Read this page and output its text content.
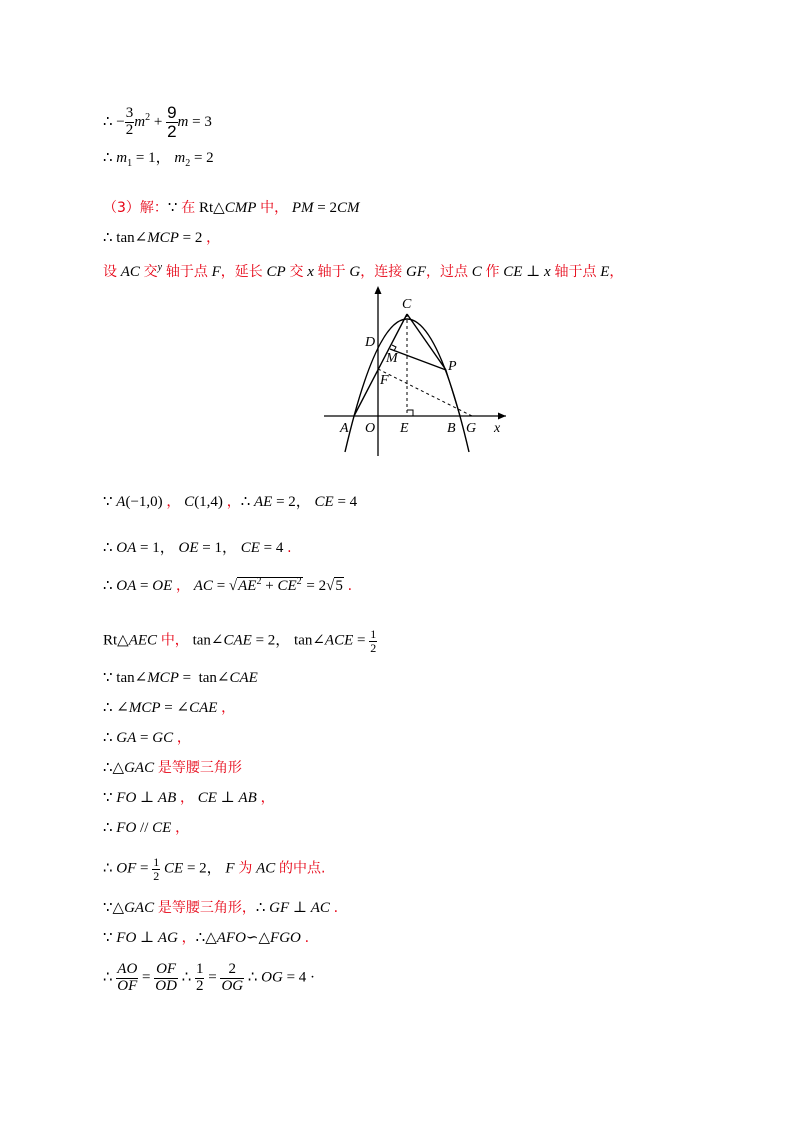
∴ − $\frac{3}{2} m^2 + \frac{9}{2}$ m = 3
∴ $m_1 = 1$， $m_2 = 2$
（3）解：∵ 在 Rt△CMP 中， PM = 2CM
∴ tan∠MCP = 2 ，
设 AC 交$^y$ 轴于点 F，延长 CP 交 x 轴于 G，连接 GF，过点 C 作 CE ⊥ x 轴于点 E，
C
D
M
P
F
A O E	B G x
∵ A(−1,0) ， C(1,4) ，∴ AE = 2， CE = 4
∴ OA = 1， OE = 1， CE = 4 .
∴ OA = OE ， AC = $√AE^2 + CE^2 = 2√5$ .
Rt△AEC 中， tan∠CAE = 2， tan∠ACE = $\frac{1}{2}$
∵ tan∠MCP =  tan∠CAE
∴ ∠MCP = ∠CAE ，
∴ GA = GC ，
∴△GAC 是等腰三角形
∵ FO ⊥ AB ， CE ⊥ AB ，
∴ FO // CE ，
∴ OF = $\frac{1}{2}$ CE = 2， F 为 AC 的中点.
∵△GAC 是等腰三角形，∴ GF ⊥ AC .
∵ FO ⊥ AG ，∴△AFO∽△FGO .
∴ $\frac{AO}{OF} = \frac{OF}{OD}$ ∴ $\frac{1}{2} = \frac{2}{OG}$ ∴ OG = 4 ·
